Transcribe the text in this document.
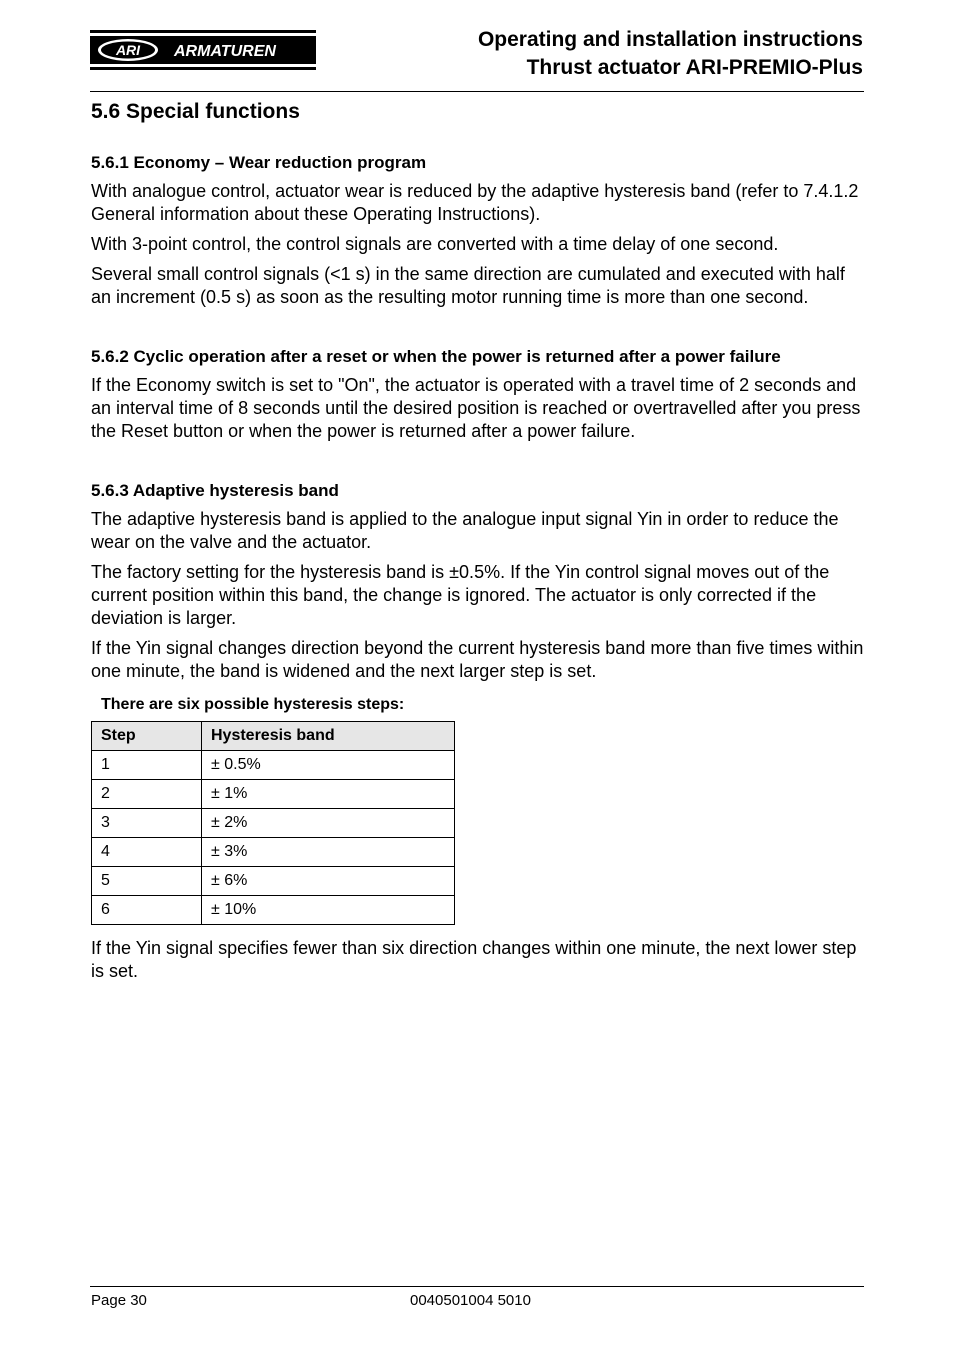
ARI ARMATUREN
Operating and installation instructions
Thrust actuator ARI-PREMIO-Plus
5.6 Special functions
5.6.1 Economy – Wear reduction program

With analogue control, actuator wear is reduced by the adaptive hysteresis band (refer to 7.4.1.2 General information about these Operating Instructions).

With 3-point control, the control signals are converted with a time delay of one second.

Several small control signals (<1 s) in the same direction are cumulated and executed with half an increment (0.5 s) as soon as the resulting motor running time is more than one second.

5.6.2 Cyclic operation after a reset or when the power is returned after a power failure

If the Economy switch is set to "On", the actuator is operated with a travel time of 2 seconds and an interval time of 8 seconds until the desired position is reached or overtravelled after you press the Reset button or when the power is returned after a power failure.

5.6.3 Adaptive hysteresis band

The adaptive hysteresis band is applied to the analogue input signal Yin in order to reduce the wear on the valve and the actuator.

The factory setting for the hysteresis band is ±0.5%. If the Yin control signal moves out of the current position within this band, the change is ignored. The actuator is only corrected if the deviation is larger.

If the Yin signal changes direction beyond the current hysteresis band more than five times within one minute, the band is widened and the next larger step is set.

There are six possible hysteresis steps:
Step	Hysteresis band
1	± 0.5%
2	± 1%
3	± 2%
4	± 3%
5	± 6%
6	± 10%

If the Yin signal specifies fewer than six direction changes within one minute, the next lower step is set.

Page 30	0040501004 5010
